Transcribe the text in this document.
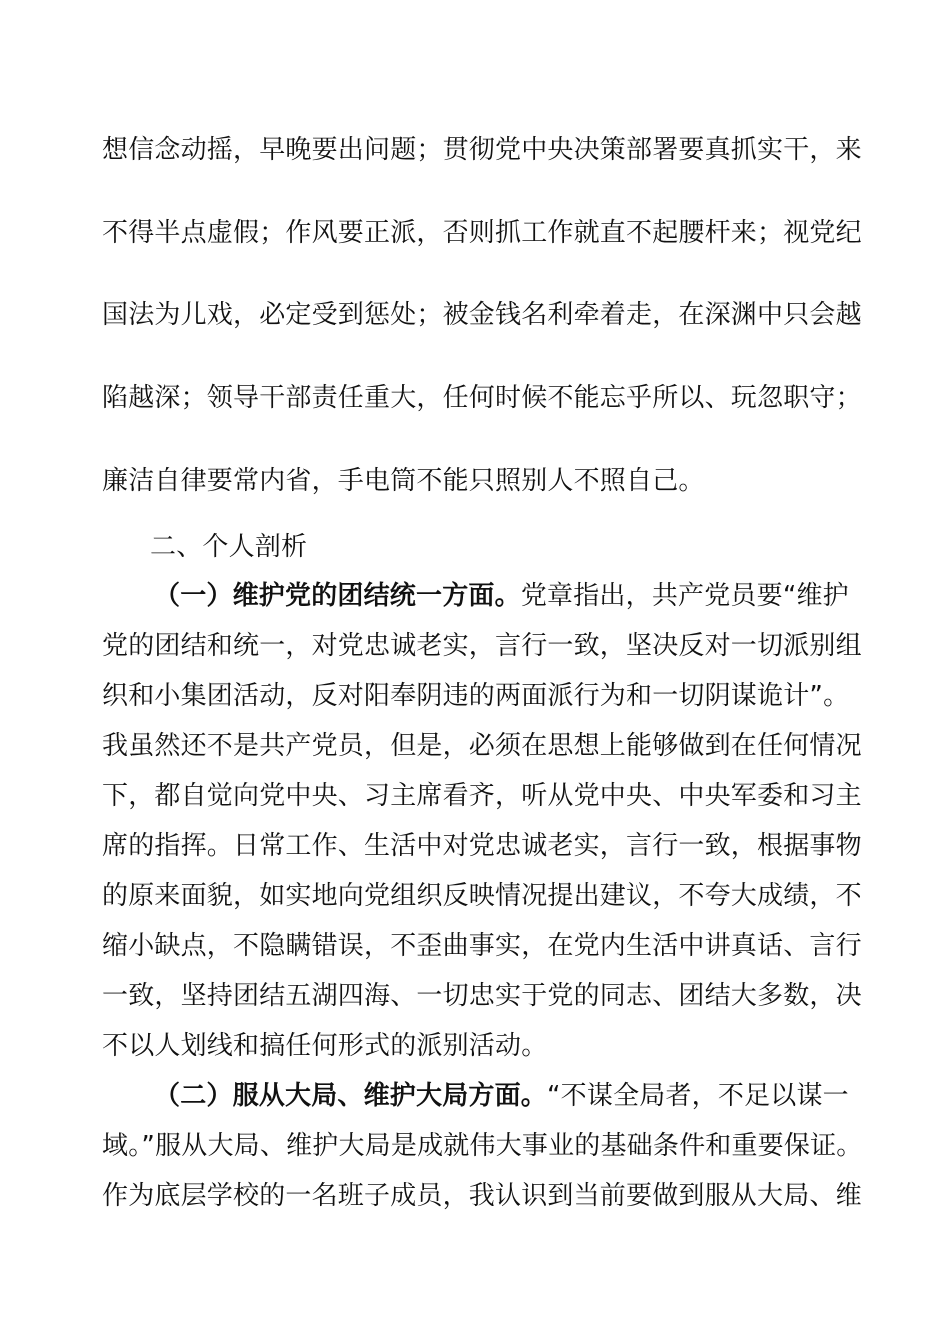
想信念动摇，早晚要出问题；贯彻党中央决策部署要真抓实干，来
不得半点虚假；作风要正派，否则抓工作就直不起腰杆来；视党纪
国法为儿戏，必定受到惩处；被金钱名利牵着走，在深渊中只会越
陷越深；领导干部责任重大，任何时候不能忘乎所以、玩忽职守；
廉洁自律要常内省，手电筒不能只照别人不照自己。
二、个人剖析
（一）维护党的团结统一方面。党章指出，共产党员要“维护
党的团结和统一，对党忠诚老实，言行一致，坚决反对一切派别组
织和小集团活动，反对阳奉阴违的两面派行为和一切阴谋诡计”。
我虽然还不是共产党员，但是，必须在思想上能够做到在任何情况
下，都自觉向党中央、习主席看齐，听从党中央、中央军委和习主
席的指挥。日常工作、生活中对党忠诚老实，言行一致，根据事物
的原来面貌，如实地向党组织反映情况提出建议，不夸大成绩，不
缩小缺点，不隐瞒错误，不歪曲事实，在党内生活中讲真话、言行
一致，坚持团结五湖四海、一切忠实于党的同志、团结大多数，决
不以人划线和搞任何形式的派别活动。
（二）服从大局、维护大局方面。“不谋全局者，不足以谋一
域。”服从大局、维护大局是成就伟大事业的基础条件和重要保证。
作为底层学校的一名班子成员，我认识到当前要做到服从大局、维
